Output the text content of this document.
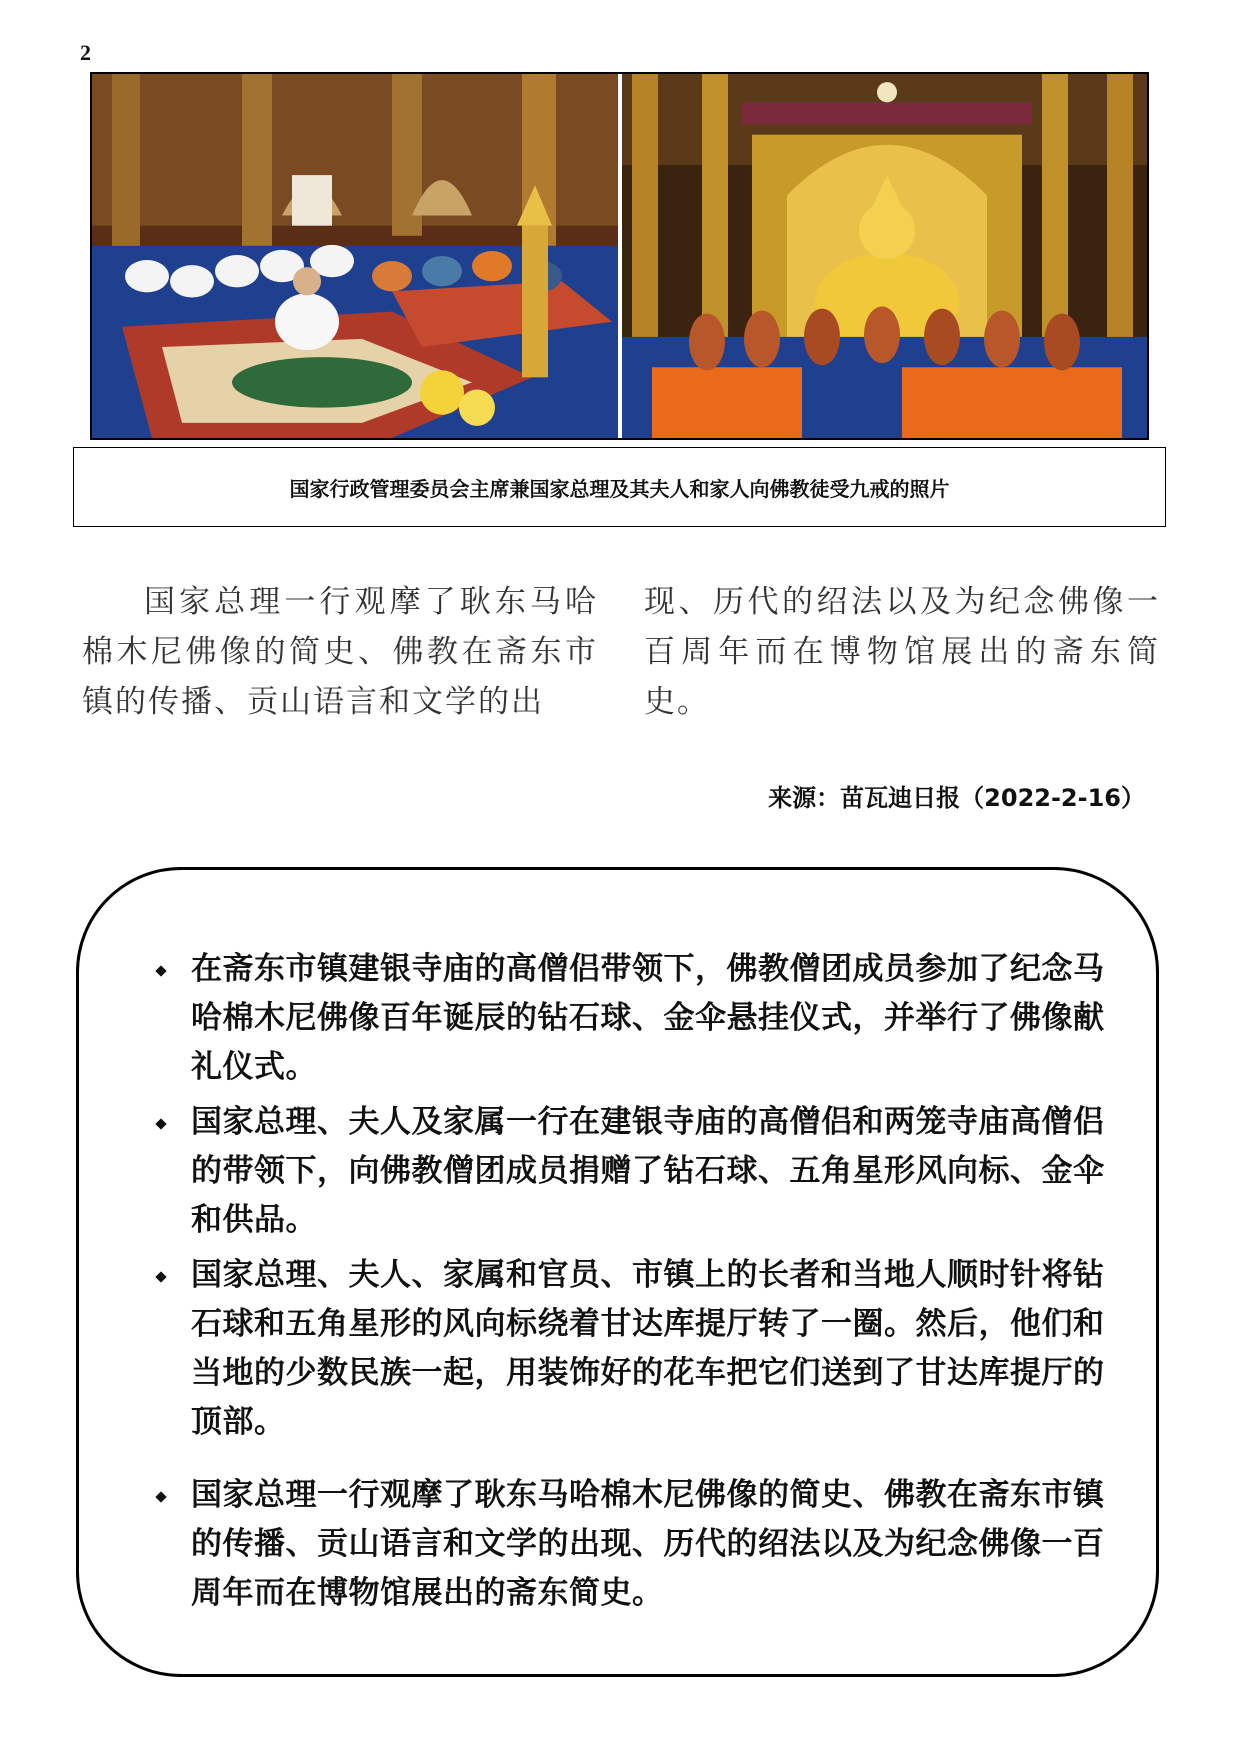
2
国家行政管理委员会主席兼国家总理及其夫人和家人向佛教徒受九戒的照片

国家总理一行观摩了耿东马哈棉木尼佛像的简史、佛教在斋东市镇的传播、贡山语言和文学的出

现、历代的绍法以及为纪念佛像一百周年而在博物馆展出的斋东简史。

来源：苗瓦迪日报（2022-2-16）
在斋东市镇建银寺庙的高僧侣带领下，佛教僧团成员参加了纪念马哈棉木尼佛像百年诞辰的钻石球、金伞悬挂仪式，并举行了佛像献礼仪式。
国家总理、夫人及家属一行在建银寺庙的高僧侣和两笼寺庙高僧侣的带领下，向佛教僧团成员捐赠了钻石球、五角星形风向标、金伞和供品。
国家总理、夫人、家属和官员、市镇上的长者和当地人顺时针将钻石球和五角星形的风向标绕着甘达库提厅转了一圈。然后，他们和当地的少数民族一起，用装饰好的花车把它们送到了甘达库提厅的顶部。
国家总理一行观摩了耿东马哈棉木尼佛像的简史、佛教在斋东市镇的传播、贡山语言和文学的出现、历代的绍法以及为纪念佛像一百周年而在博物馆展出的斋东简史。
